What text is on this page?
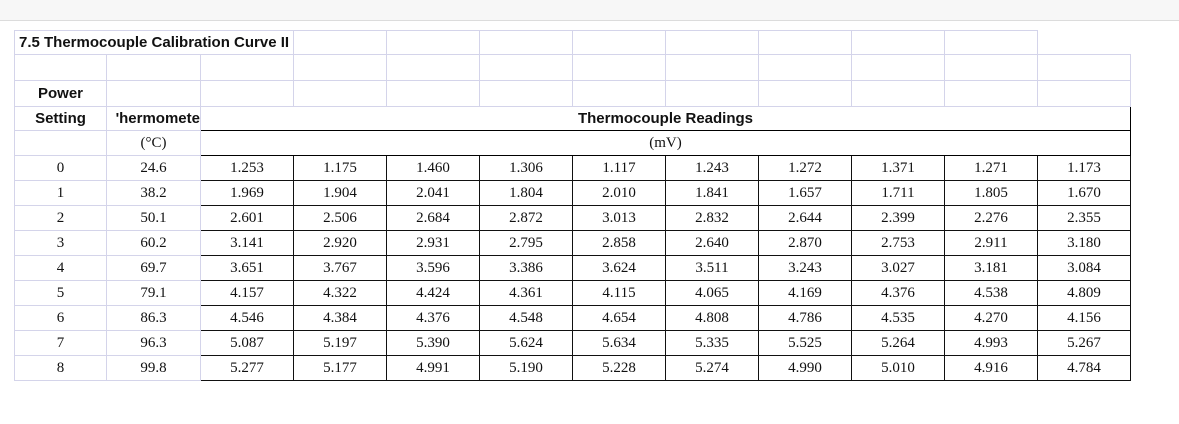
7.5 Thermocouple Calibration Curve II											

Power											
Setting	'hermomete	Thermocouple Readings									
	(°C)	(mV)									
0	24.6	1.253	1.175	1.460	1.306	1.117	1.243	1.272	1.371	1.271	1.173
1	38.2	1.969	1.904	2.041	1.804	2.010	1.841	1.657	1.711	1.805	1.670
2	50.1	2.601	2.506	2.684	2.872	3.013	2.832	2.644	2.399	2.276	2.355
3	60.2	3.141	2.920	2.931	2.795	2.858	2.640	2.870	2.753	2.911	3.180
4	69.7	3.651	3.767	3.596	3.386	3.624	3.511	3.243	3.027	3.181	3.084
5	79.1	4.157	4.322	4.424	4.361	4.115	4.065	4.169	4.376	4.538	4.809
6	86.3	4.546	4.384	4.376	4.548	4.654	4.808	4.786	4.535	4.270	4.156
7	96.3	5.087	5.197	5.390	5.624	5.634	5.335	5.525	5.264	4.993	5.267
8	99.8	5.277	5.177	4.991	5.190	5.228	5.274	4.990	5.010	4.916	4.784
